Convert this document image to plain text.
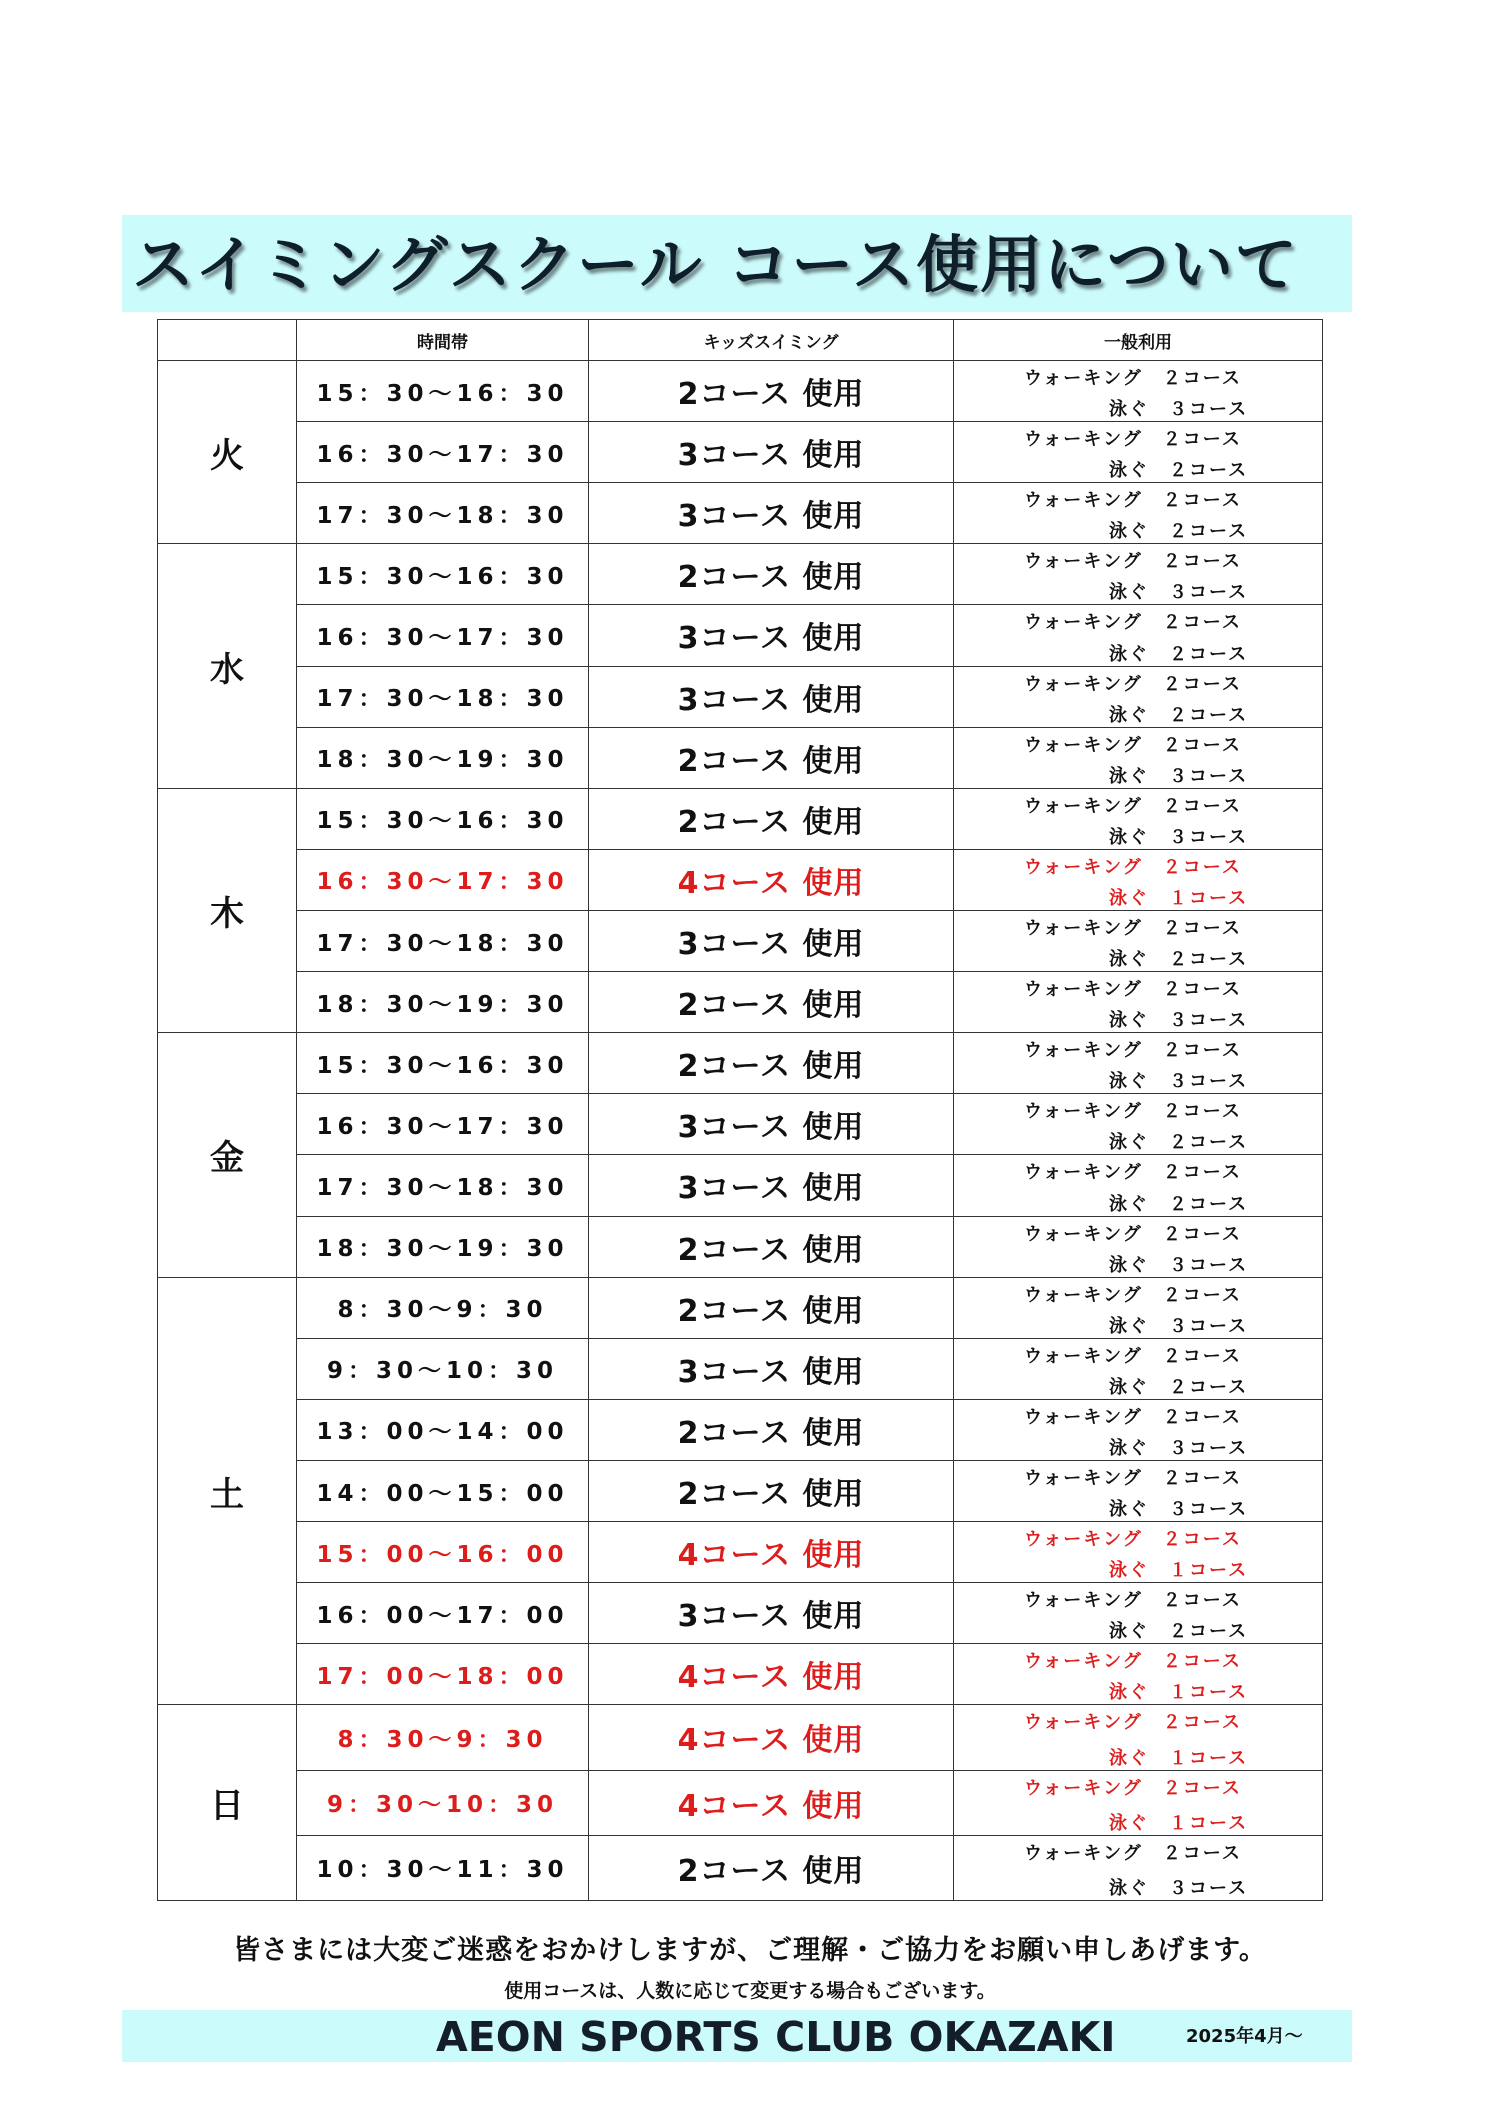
スイミングスクール コース使用について
	時間帯	キッズスイミング	一般利用
火	15：30～16：30	2コース 使用	ウォーキング　２コース
泳ぐ　３コース

	16：30～17：30	3コース 使用	ウォーキング　２コース
泳ぐ　２コース

	17：30～18：30	3コース 使用	ウォーキング　２コース
泳ぐ　２コース

水	15：30～16：30	2コース 使用	ウォーキング　２コース
泳ぐ　３コース

	16：30～17：30	3コース 使用	ウォーキング　２コース
泳ぐ　２コース

	17：30～18：30	3コース 使用	ウォーキング　２コース
泳ぐ　２コース

	18：30～19：30	2コース 使用	ウォーキング　２コース
泳ぐ　３コース

木	15：30～16：30	2コース 使用	ウォーキング　２コース
泳ぐ　３コース

	16：30～17：30	4コース 使用	ウォーキング　２コース
泳ぐ　１コース

	17：30～18：30	3コース 使用	ウォーキング　２コース
泳ぐ　２コース

	18：30～19：30	2コース 使用	ウォーキング　２コース
泳ぐ　３コース

金	15：30～16：30	2コース 使用	ウォーキング　２コース
泳ぐ　３コース

	16：30～17：30	3コース 使用	ウォーキング　２コース
泳ぐ　２コース

	17：30～18：30	3コース 使用	ウォーキング　２コース
泳ぐ　２コース

	18：30～19：30	2コース 使用	ウォーキング　２コース
泳ぐ　３コース

土	8：30～9：30	2コース 使用	ウォーキング　２コース
泳ぐ　３コース

	9：30～10：30	3コース 使用	ウォーキング　２コース
泳ぐ　２コース

	13：00～14：00	2コース 使用	ウォーキング　２コース
泳ぐ　３コース

	14：00～15：00	2コース 使用	ウォーキング　２コース
泳ぐ　３コース

	15：00～16：00	4コース 使用	ウォーキング　２コース
泳ぐ　１コース

	16：00～17：00	3コース 使用	ウォーキング　２コース
泳ぐ　２コース

	17：00～18：00	4コース 使用	ウォーキング　２コース
泳ぐ　１コース

日	8：30～9：30	4コース 使用	ウォーキング　２コース
泳ぐ　１コース

	9：30～10：30	4コース 使用	ウォーキング　２コース
泳ぐ　１コース

	10：30～11：30	2コース 使用	ウォーキング　２コース
泳ぐ　３コース
皆さまには大変ご迷惑をおかけしますが、ご理解・ご協力をお願い申しあげます。
使用コースは、人数に応じて変更する場合もございます。
AEON SPORTS CLUB OKAZAKI	2025年4月～
